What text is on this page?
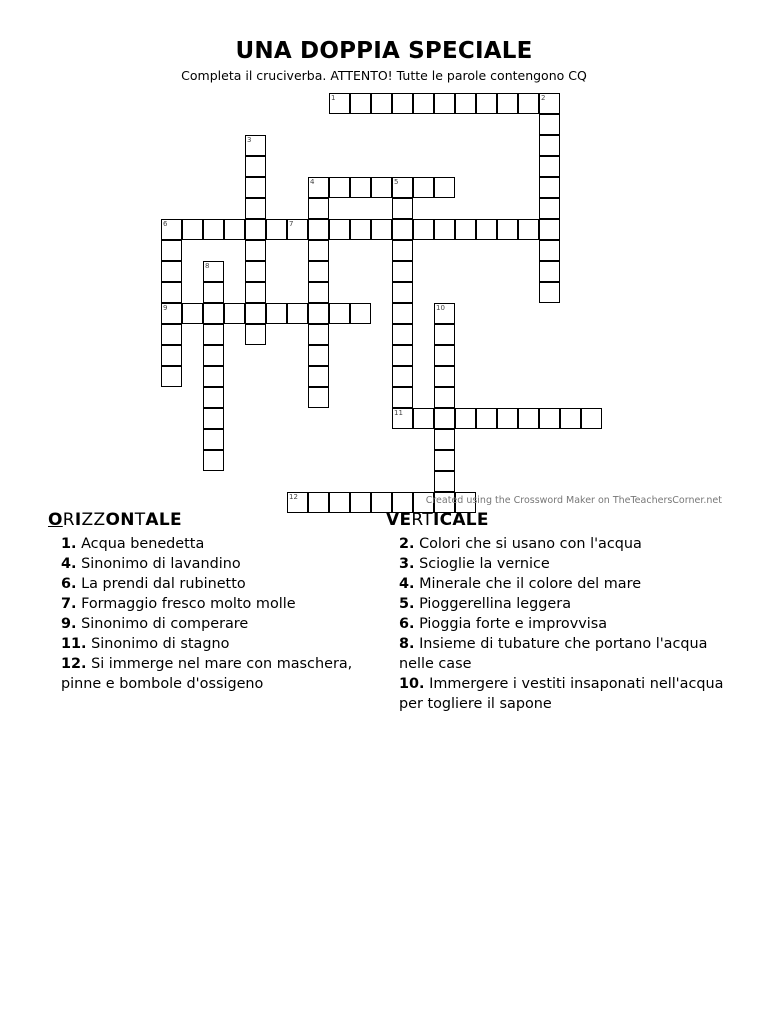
UNA DOPPIA SPECIALE
Completa il cruciverba. ATTENTO! Tutte le parole contengono CQ
1	2
3
4	5
6	7
8
9	10
11
12	Created using the Crossword Maker on TheTeachersCorner.net
ORIZZONTALE

1. Acqua benedetta

4. Sinonimo di lavandino

6. La prendi dal rubinetto

7. Formaggio fresco molto molle

9. Sinonimo di comperare

11. Sinonimo di stagno

12. Si immerge nel mare con maschera, pinne e bombole d'ossigeno

VERTICALE

2. Colori che si usano con l'acqua

3. Scioglie la vernice

4. Minerale che il colore del mare

5. Pioggerellina leggera

6. Pioggia forte e improvvisa

8. Insieme di tubature che portano l'acqua nelle case

10. Immergere i vestiti insaponati nell'acqua per togliere il sapone
